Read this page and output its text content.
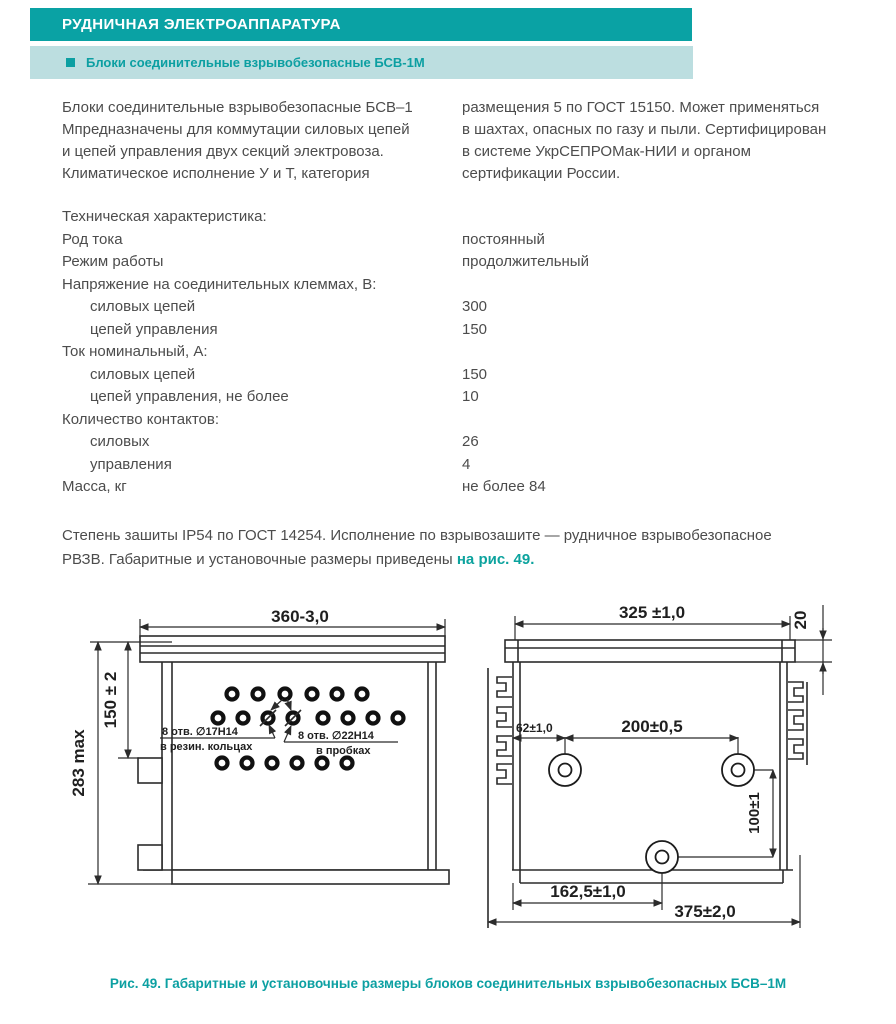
РУДНИЧНАЯ ЭЛЕКТРОАППАРАТУРА
Блоки соединительные взрывобезопасные БСВ-1М
Блоки соединительные взрывобезопасные БСВ–1
Мпредназначены для коммутации силовых цепей
и цепей управления двух секций электровоза.
Климатическое исполнение У и Т, категория
размещения 5 по ГОСТ 15150. Может применяться
в шахтах, опасных по газу и пыли. Сертифицирован
в системе УкрСЕПРОМак-НИИ и органом
сертификации России.
Техническая характеристика:
Род тока	постоянный
Режим работы	продолжительный
Напряжение на соединительных клеммах, В:
силовых цепей	300
цепей управления	150
Ток номинальный, А:
силовых цепей	150
цепей управления, не более	10
Количество контактов:
силовых	26
управления	4
Масса, кг	не более 84
Степень зашиты IP54 по ГОСТ 14254. Исполнение по взрывозашите — рудничное взрывобезопасное
РВЗВ. Габаритные и установочные размеры приведены на рис. 49.
360-3,0
150 ± 2
283 max	8 отв. ∅17Н14
в резин. кольцах
8 отв. ∅22Н14
в пробках
325 ±1,0	20
62±1,0	200±0,5
100±1
162,5±1,0
375±2,0
Рис. 49. Габаритные и установочные размеры блоков соединительных взрывобезопасных БСВ–1М
